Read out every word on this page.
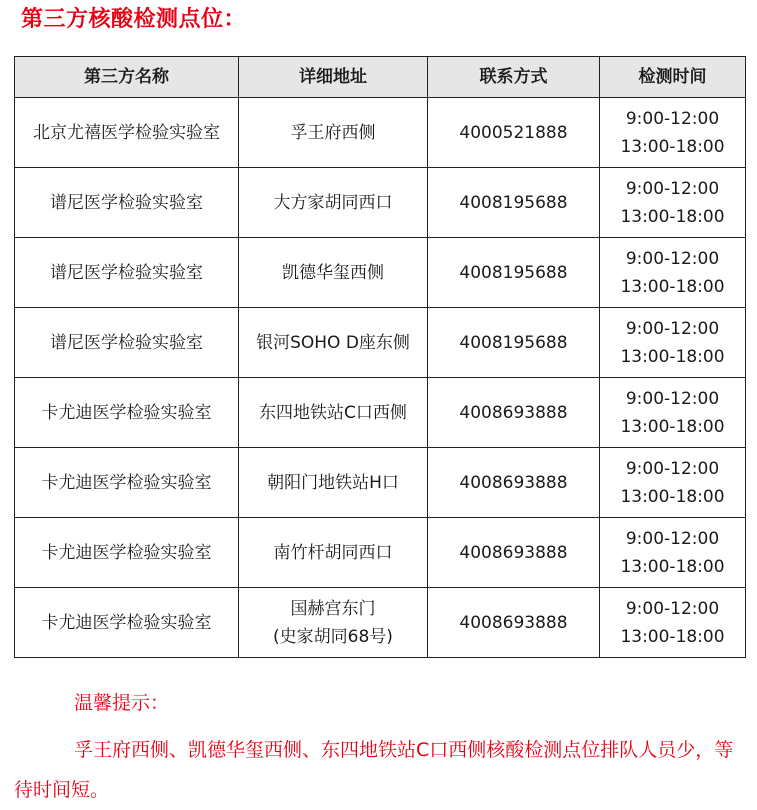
第三方核酸检测点位：
第三方名称	详细地址	联系方式	检测时间
北京尤禧医学检验实验室	孚王府西侧	4000521888	9:00-12:00
13:00-18:00

谱尼医学检验实验室	大方家胡同西口	4008195688	9:00-12:00
13:00-18:00

谱尼医学检验实验室	凯德华玺西侧	4008195688	9:00-12:00
13:00-18:00

谱尼医学检验实验室	银河SOHO D座东侧	4008195688	9:00-12:00
13:00-18:00

卡尤迪医学检验实验室	东四地铁站C口西侧	4008693888	9:00-12:00
13:00-18:00

卡尤迪医学检验实验室	朝阳门地铁站H口	4008693888	9:00-12:00
13:00-18:00

卡尤迪医学检验实验室	南竹杆胡同西口	4008693888	9:00-12:00
13:00-18:00

卡尤迪医学检验实验室	国赫宫东门
(史家胡同68号)	4008693888	9:00-12:00
13:00-18:00
温馨提示：
孚王府西侧、凯德华玺西侧、东四地铁站C口西侧核酸检测点位排队人员少，等待时间短。
